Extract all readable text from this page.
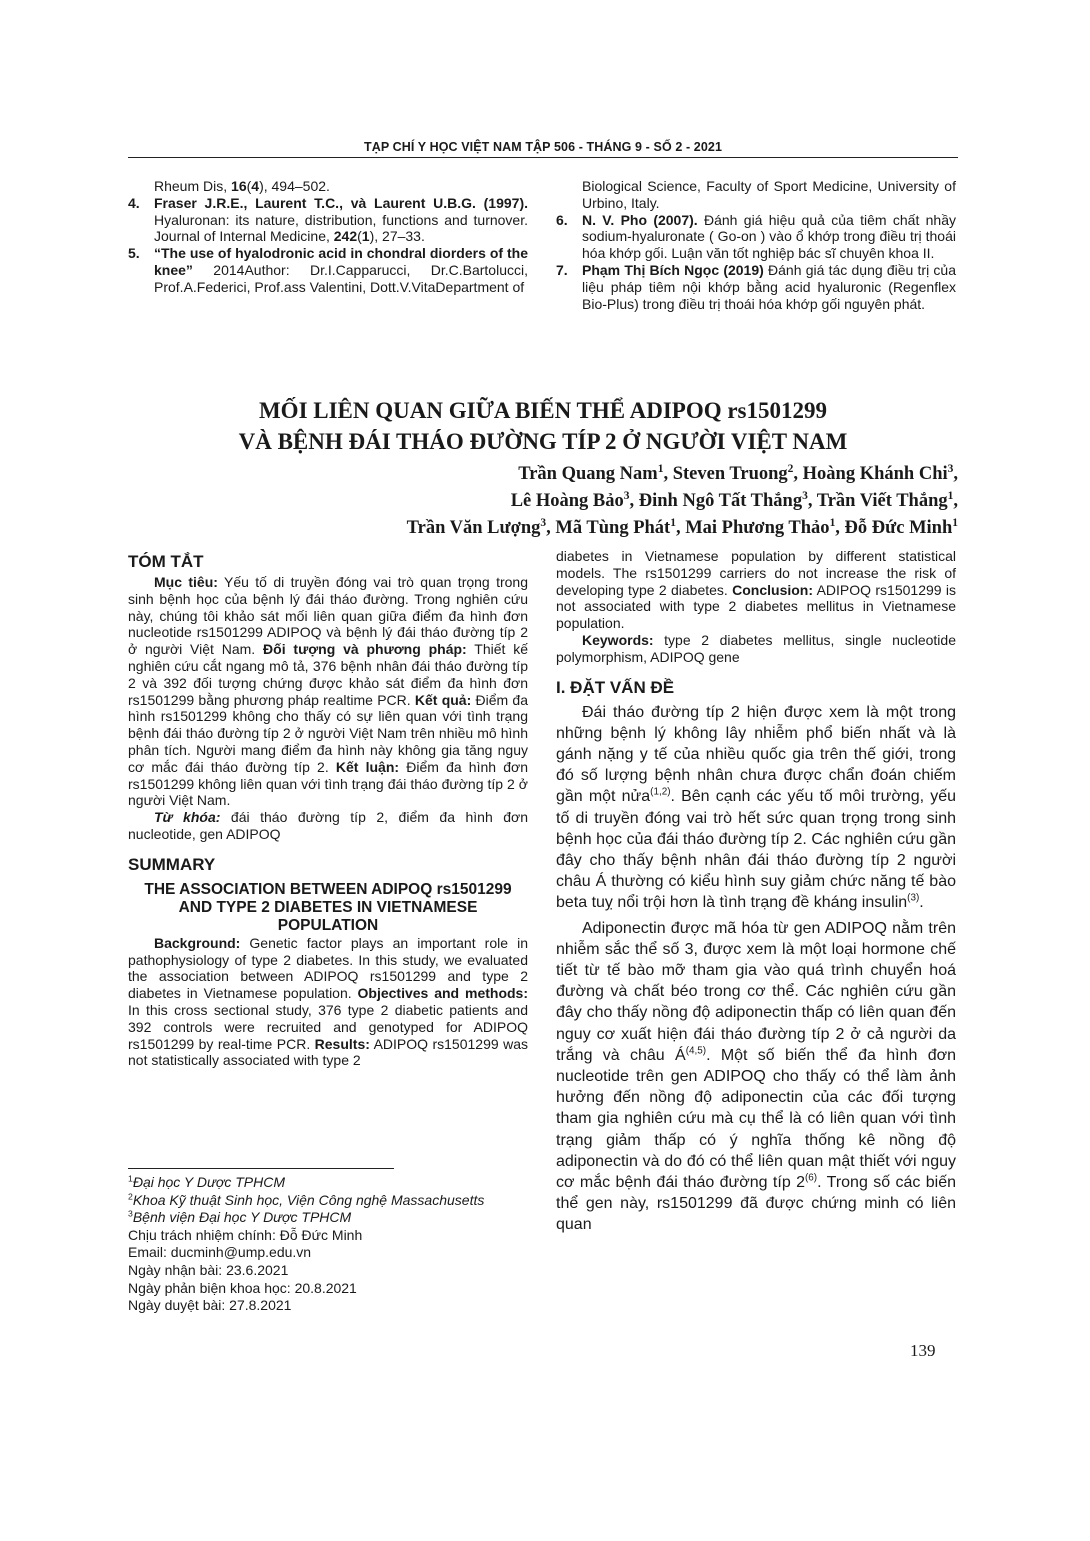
TẠP CHÍ Y HỌC VIỆT NAM TẬP 506 - THÁNG 9 - SỐ 2 - 2021
Rheum Dis, 16(4), 494–502.
4.	Fraser J.R.E., Laurent T.C., và Laurent U.B.G. (1997). Hyaluronan: its nature, distribution, functions and turnover. Journal of Internal Medicine, 242(1), 27–33.
5.	“The use of hyalodronic acid in chondral diorders of the knee” 2014Author: Dr.I.Capparucci, Dr.C.Bartolucci, Prof.A.Federici, Prof.ass Valentini, Dott.V.VitaDepartment of
Biological Science, Faculty of Sport Medicine, University of Urbino, Italy.
6.	N. V. Pho (2007). Đánh giá hiệu quả của tiêm chất nhầy sodium-hyaluronate ( Go-on ) vào ổ khớp trong điều trị thoái hóa khớp gối. Luận văn tốt nghiệp bác sĩ chuyên khoa II.
7.	Phạm Thị Bích Ngọc (2019) Đánh giá tác dụng điều trị của liệu pháp tiêm nội khớp bằng acid hyaluronic (Regenflex Bio-Plus) trong điều trị thoái hóa khớp gối nguyên phát.
MỐI LIÊN QUAN GIỮA BIẾN THỂ ADIPOQ rs1501299
VÀ BỆNH ĐÁI THÁO ĐƯỜNG TÍP 2 Ở NGƯỜI VIỆT NAM
Trần Quang Nam$^1$, Steven Truong$^2$, Hoàng Khánh Chi$^3$,
Lê Hoàng Bảo$^3$, Đinh Ngô Tất Thắng$^3$, Trần Viết Thắng$^1$,
Trần Văn Lượng$^3$, Mã Tùng Phát$^1$, Mai Phương Thảo$^1$, Đỗ Đức Minh$^1$

TÓM TẮT

Mục tiêu: Yếu tố di truyền đóng vai trò quan trọng trong sinh bệnh học của bệnh lý đái tháo đường. Trong nghiên cứu này, chúng tôi khảo sát mối liên quan giữa điểm đa hình đơn nucleotide rs1501299 ADIPOQ và bệnh lý đái tháo đường típ 2 ở người Việt Nam. Đối tượng và phương pháp: Thiết kế nghiên cứu cắt ngang mô tả, 376 bệnh nhân đái tháo đường típ 2 và 392 đối tượng chứng được khảo sát điểm đa hình đơn rs1501299 bằng phương pháp realtime PCR. Kết quả: Điểm đa hình rs1501299 không cho thấy có sự liên quan với tình trạng bệnh đái tháo đường típ 2 ở người Việt Nam trên nhiều mô hình phân tích. Người mang điểm đa hình này không gia tăng nguy cơ mắc đái tháo đường típ 2. Kết luận: Điểm đa hình đơn rs1501299 không liên quan với tình trạng đái tháo đường típ 2 ở người Việt Nam.

Từ khóa: đái tháo đường típ 2, điểm đa hình đơn nucleotide, gen ADIPOQ

SUMMARY

THE ASSOCIATION BETWEEN ADIPOQ rs1501299 AND TYPE 2 DIABETES IN VIETNAMESE POPULATION

Background: Genetic factor plays an important role in pathophysiology of type 2 diabetes. In this study, we evaluated the association between ADIPOQ rs1501299 and type 2 diabetes in Vietnamese population. Objectives and methods: In this cross sectional study, 376 type 2 diabetic patients and 392 controls were recruited and genotyped for ADIPOQ rs1501299 by real-time PCR. Results: ADIPOQ rs1501299 was not statistically associated with type 2

$^1$Đại học Y Dược TPHCM

$^2$Khoa Kỹ thuật Sinh học, Viện Công nghệ Massachusetts

$^3$Bệnh viện Đại học Y Dược TPHCM

Chịu trách nhiệm chính: Đỗ Đức Minh

Email: ducminh@ump.edu.vn

Ngày nhận bài: 23.6.2021

Ngày phản biện khoa học: 20.8.2021

Ngày duyệt bài: 27.8.2021

diabetes in Vietnamese population by different statistical models. The rs1501299 carriers do not increase the risk of developing type 2 diabetes. Conclusion: ADIPOQ rs1501299 is not associated with type 2 diabetes mellitus in Vietnamese population.

Keywords: type 2 diabetes mellitus, single nucleotide polymorphism, ADIPOQ gene

I. ĐẶT VẤN ĐỀ

Đái tháo đường típ 2 hiện được xem là một trong những bệnh lý không lây nhiễm phổ biến nhất và là gánh nặng y tế của nhiều quốc gia trên thế giới, trong đó số lượng bệnh nhân chưa được chẩn đoán chiếm gần một nửa$^{(1,2)}$. Bên cạnh các yếu tố môi trường, yếu tố di truyền đóng vai trò hết sức quan trọng trong sinh bệnh học của đái tháo đường típ 2. Các nghiên cứu gần đây cho thấy bệnh nhân đái tháo đường típ 2 người châu Á thường có kiểu hình suy giảm chức năng tế bào beta tuỵ nổi trội hơn là tình trạng đề kháng insulin$^{(3)}$.

Adiponectin được mã hóa từ gen ADIPOQ nằm trên nhiễm sắc thể số 3, được xem là một loại hormone chế tiết từ tế bào mỡ tham gia vào quá trình chuyển hoá đường và chất béo trong cơ thể. Các nghiên cứu gần đây cho thấy nồng độ adiponectin thấp có liên quan đến nguy cơ xuất hiện đái tháo đường típ 2 ở cả người da trắng và châu Á$^{(4,5)}$. Một số biến thể đa hình đơn nucleotide trên gen ADIPOQ cho thấy có thể làm ảnh hưởng đến nồng độ adiponectin của các đối tượng tham gia nghiên cứu mà cụ thể là có liên quan với tình trạng giảm thấp có ý nghĩa thống kê nồng độ adiponectin và do đó có thể liên quan mật thiết với nguy cơ mắc bệnh đái tháo đường típ 2$^{(6)}$. Trong số các biến thể gen này, rs1501299 đã được chứng minh có liên quan

139
